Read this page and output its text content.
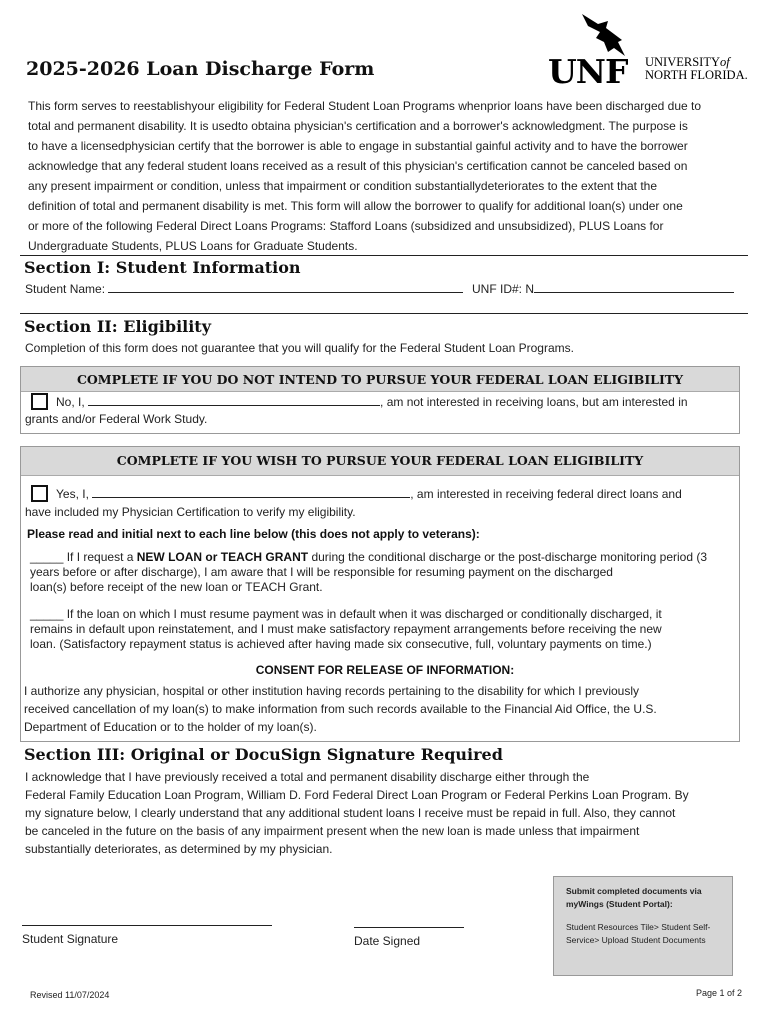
2025-2026 Loan Discharge Form	UNF UNIVERSITYof
NORTH FLORIDA.
This form serves to reestablishyour eligibility for Federal Student Loan Programs whenprior loans have been discharged due to
total and permanent disability. It is usedto obtaina physician's certification and a borrower's acknowledgment. The purpose is
to have a licensedphysician certify that the borrower is able to engage in substantial gainful activity and to have the borrower
acknowledge that any federal student loans received as a result of this physician's certification cannot be canceled based on
any present impairment or condition, unless that impairment or condition substantiallydeteriorates to the extent that the
definition of total and permanent disability is met. This form will allow the borrower to qualify for additional loan(s) under one
or more of the following Federal Direct Loans Programs: Stafford Loans (subsidized and unsubsidized), PLUS Loans for
Undergraduate Students, PLUS Loans for Graduate Students.
Section I: Student Information
Student Name:	UNF ID#: N
Section II: Eligibility
Completion of this form does not guarantee that you will qualify for the Federal Student Loan Programs.
COMPLETE IF YOU DO NOT INTEND TO PURSUE YOUR FEDERAL LOAN ELIGIBILITY
No, I,	, am not interested in receiving loans, but am interested in
grants and/or Federal Work Study.
COMPLETE IF YOU WISH TO PURSUE YOUR FEDERAL LOAN ELIGIBILITY
Yes, I,	, am interested in receiving federal direct loans and
have included my Physician Certification to verify my eligibility.
Please read and initial next to each line below (this does not apply to veterans):
_____ If I request a NEW LOAN or TEACH GRANT during the conditional discharge or the post-discharge monitoring period (3
years before or after discharge), I am aware that I will be responsible for resuming payment on the discharged
loan(s) before receipt of the new loan or TEACH Grant.
_____ If the loan on which I must resume payment was in default when it was discharged or conditionally discharged, it
remains in default upon reinstatement, and I must make satisfactory repayment arrangements before receiving the new
loan. (Satisfactory repayment status is achieved after having made six consecutive, full, voluntary payments on time.)
CONSENT FOR RELEASE OF INFORMATION:
I authorize any physician, hospital or other institution having records pertaining to the disability for which I previously
received cancellation of my loan(s) to make information from such records available to the Financial Aid Office, the U.S.
Department of Education or to the holder of my loan(s).
Section III: Original or DocuSign Signature Required
I acknowledge that I have previously received a total and permanent disability discharge either through the
Federal Family Education Loan Program, William D. Ford Federal Direct Loan Program or Federal Perkins Loan Program. By
my signature below, I clearly understand that any additional student loans I receive must be repaid in full. Also, they cannot
be canceled in the future on the basis of any impairment present when the new loan is made unless that impairment
substantially deteriorates, as determined by my physician.
Student Signature	Date Signed
Submit completed documents via myWings (Student Portal):
Student Resources Tile> Student Self-Service> Upload Student Documents
Revised 11/07/2024	Page 1 of 2
